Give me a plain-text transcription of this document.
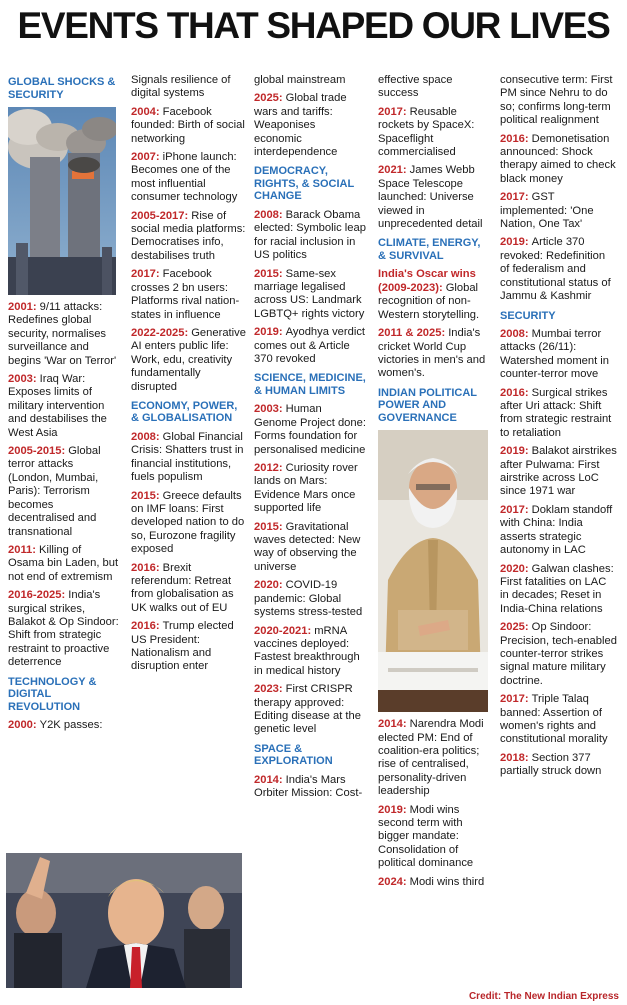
EVENTS THAT SHAPED OUR LIVES
GLOBAL SHOCKS & SECURITY
2001: 9/11 attacks: Redefines global security, normalises surveillance and begins 'War on Terror'
2003: Iraq War: Exposes limits of military intervention and destabilises the West Asia
2005-2015: Global terror attacks (London, Mumbai, Paris): Terrorism becomes decentralised and transnational
2011: Killing of Osama bin Laden, but not end of extremism
2016-2025: India's surgical strikes, Balakot & Op Sindoor: Shift from strategic restraint to proactive deterrence
TECHNOLOGY & DIGITAL REVOLUTION
2000: Y2K passes:
Signals resilience of digital systems
2004: Facebook founded: Birth of social networking
2007: iPhone launch: Becomes one of the most influential consumer technology
2005-2017: Rise of social media platforms: Democratises info, destabilises truth
2017: Facebook crosses 2 bn users: Platforms rival nation-states in influence
2022-2025: Generative AI enters public life: Work, edu, creativity fundamentally disrupted
ECONOMY, POWER, & GLOBALISATION
2008: Global Financial Crisis: Shatters trust in financial institutions, fuels populism
2015: Greece defaults on IMF loans: First developed nation to do so, Eurozone fragility exposed
2016: Brexit referendum: Retreat from globalisation as UK walks out of EU
2016: Trump elected US President: Nationalism and disruption enter
global mainstream
2025: Global trade wars and tariffs: Weaponises economic interdependence
DEMOCRACY, RIGHTS, & SOCIAL CHANGE
2008: Barack Obama elected: Symbolic leap for racial inclusion in US politics
2015: Same-sex marriage legalised across US: Landmark LGBTQ+ rights victory
2019: Ayodhya verdict comes out & Article 370 revoked
SCIENCE, MEDICINE, & HUMAN LIMITS
2003: Human Genome Project done: Forms foundation for personalised medicine
2012: Curiosity rover lands on Mars: Evidence Mars once supported life
2015: Gravitational waves detected: New way of observing the universe
2020: COVID-19 pandemic: Global systems stress-tested
2020-2021: mRNA vaccines deployed: Fastest breakthrough in medical history
2023: First CRISPR therapy approved: Editing disease at the genetic level
SPACE & EXPLORATION
2014: India's Mars Orbiter Mission: Cost-
effective space success
2017: Reusable rockets by SpaceX: Spaceflight commercialised
2021: James Webb Space Telescope launched: Universe viewed in unprecedented detail
CLIMATE, ENERGY, & SURVIVAL
India's Oscar wins (2009-2023): Global recognition of non-Western storytelling.
2011 & 2025: India's cricket World Cup victories in men's and women's.
INDIAN POLITICAL POWER AND GOVERNANCE
2014: Narendra Modi elected PM: End of coalition-era politics; rise of centralised, personality-driven leadership
2019: Modi wins second term with bigger mandate: Consolidation of political dominance
2024: Modi wins third
consecutive term: First PM since Nehru to do so; confirms long-term political realignment
2016: Demonetisation announced: Shock therapy aimed to check black money
2017: GST implemented: 'One Nation, One Tax'
2019: Article 370 revoked: Redefinition of federalism and constitutional status of Jammu & Kashmir
SECURITY
2008: Mumbai terror attacks (26/11): Watershed moment in counter-terror move
2016: Surgical strikes after Uri attack: Shift from strategic restraint to retaliation
2019: Balakot airstrikes after Pulwama: First airstrike across LoC since 1971 war
2017: Doklam standoff with China: India asserts strategic autonomy in LAC
2020: Galwan clashes: First fatalities on LAC in decades; Reset in India-China relations
2025: Op Sindoor: Precision, tech-enabled counter-terror strikes signal mature military doctrine.
2017: Triple Talaq banned: Assertion of women's rights and constitutional morality
2018: Section 377 partially struck down
Credit: The New Indian Express
